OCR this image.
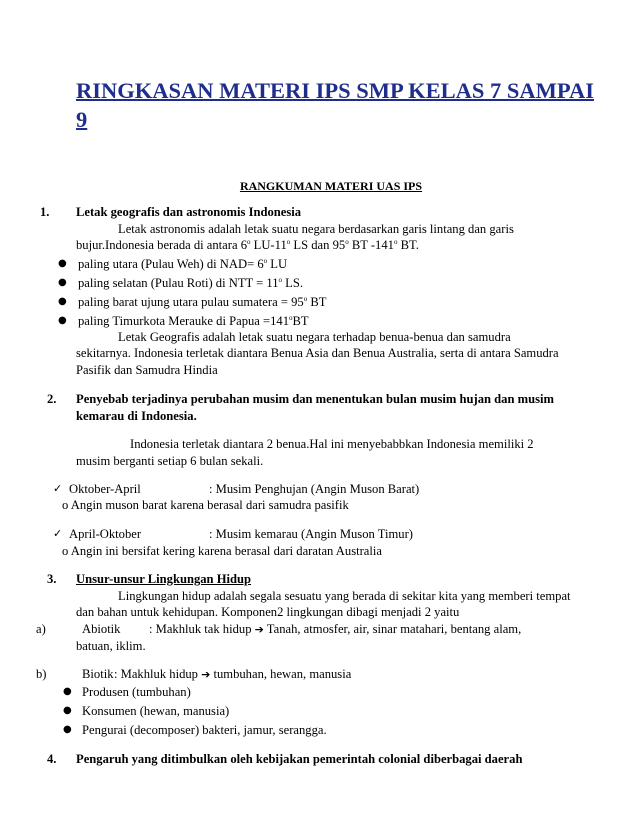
RINGKASAN MATERI IPS SMP KELAS 7 SAMPAI 9
RANGKUMAN MATERI UAS IPS
1. Letak geografis dan astronomis Indonesia
Letak astronomis adalah letak suatu negara berdasarkan garis lintang dan garis
bujur.Indonesia berada di antara 6$^o$ LU-11$^o$ LS dan 95$^o$ BT -141$^o$ BT.
● paling utara (Pulau Weh) di $NAD= 6^o$ LU
● paling selatan (Pulau Roti) di NTT = $11^o$ LS.
● paling barat ujung utara pulau sumatera = $95^o$ BT
● paling Timurkota Merauke di Papua $=141^oBT$
Letak Geografis adalah letak suatu negara terhadap benua-benua dan samudra
sekitarnya. Indonesia terletak diantara Benua Asia dan Benua Australia, serta di antara Samudra
Pasifik dan Samudra Hindia
2. Penyebab terjadinya perubahan musim dan menentukan bulan musim hujan dan musim
kemarau di Indonesia.
Indonesia terletak diantara 2 benua.Hal ini menyebabbkan Indonesia memiliki 2
musim berganti setiap 6 bulan sekali.
✓ Oktober-April	: Musim Penghujan (Angin Muson Barat)
o Angin muson barat karena berasal dari samudra pasifik
✓ April-Oktober	: Musim kemarau (Angin Muson Timur)
o Angin ini bersifat kering karena berasal dari daratan Australia
3. Unsur-unsur Lingkungan Hidup
Lingkungan hidup adalah segala sesuatu yang berada di sekitar kita yang memberi tempat
dan bahan untuk kehidupan. Komponen2 lingkungan dibagi menjadi 2 yaitu
a)	Abiotik : Makhluk tak hidup ➔ Tanah, atmosfer, air, sinar matahari, bentang alam,
batuan, iklim.
b)	Biotik : Makhluk hidup ➔ tumbuhan, hewan, manusia
● Produsen (tumbuhan)
● Konsumen (hewan, manusia)
● Pengurai (decomposer) bakteri, jamur, serangga.
4. Pengaruh yang ditimbulkan oleh kebijakan pemerintah colonial diberbagai daerah
